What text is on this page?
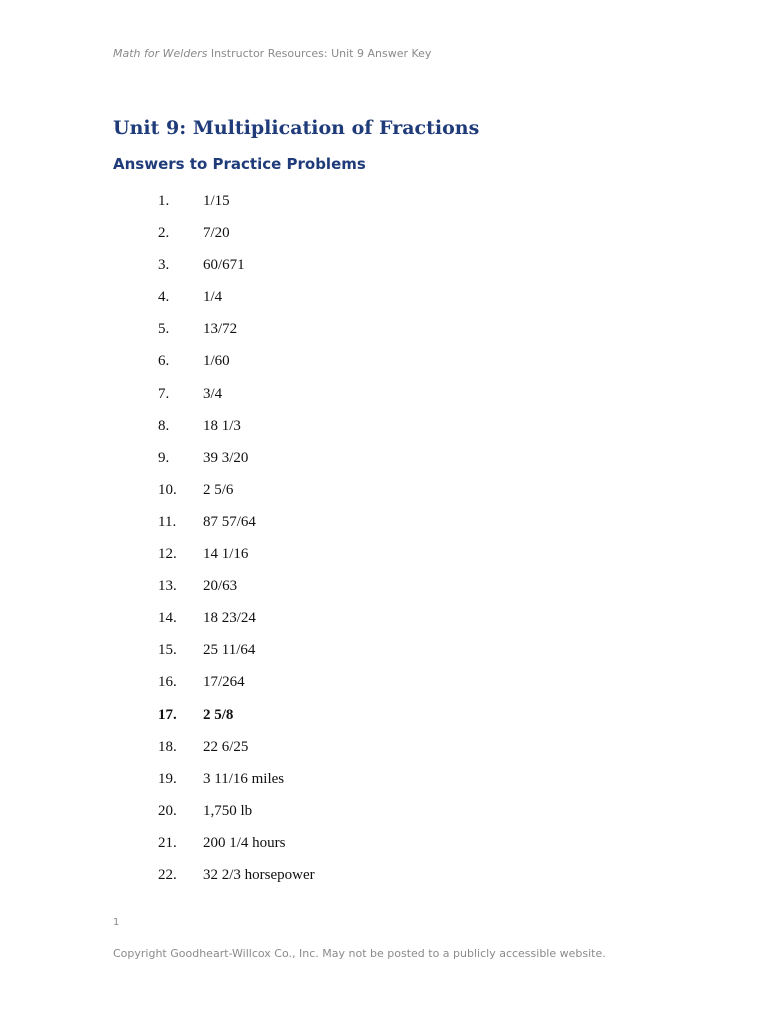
Math for Welders Instructor Resources: Unit 9 Answer Key
Unit 9: Multiplication of Fractions
Answers to Practice Problems
1. 1/15
2. 7/20
3. 60/671
4. 1/4
5. 13/72
6. 1/60
7. 3/4
8. 18 1/3
9. 39 3/20
10. 2 5/6
11. 87 57/64
12. 14 1/16
13. 20/63
14. 18 23/24
15. 25 11/64
16. 17/264
17. 2 5/8
18. 22 6/25
19. 3 11/16 miles
20. 1,750 lb
21. 200 1/4 hours
22. 32 2/3 horsepower
1
Copyright Goodheart-Willcox Co., Inc. May not be posted to a publicly accessible website.
